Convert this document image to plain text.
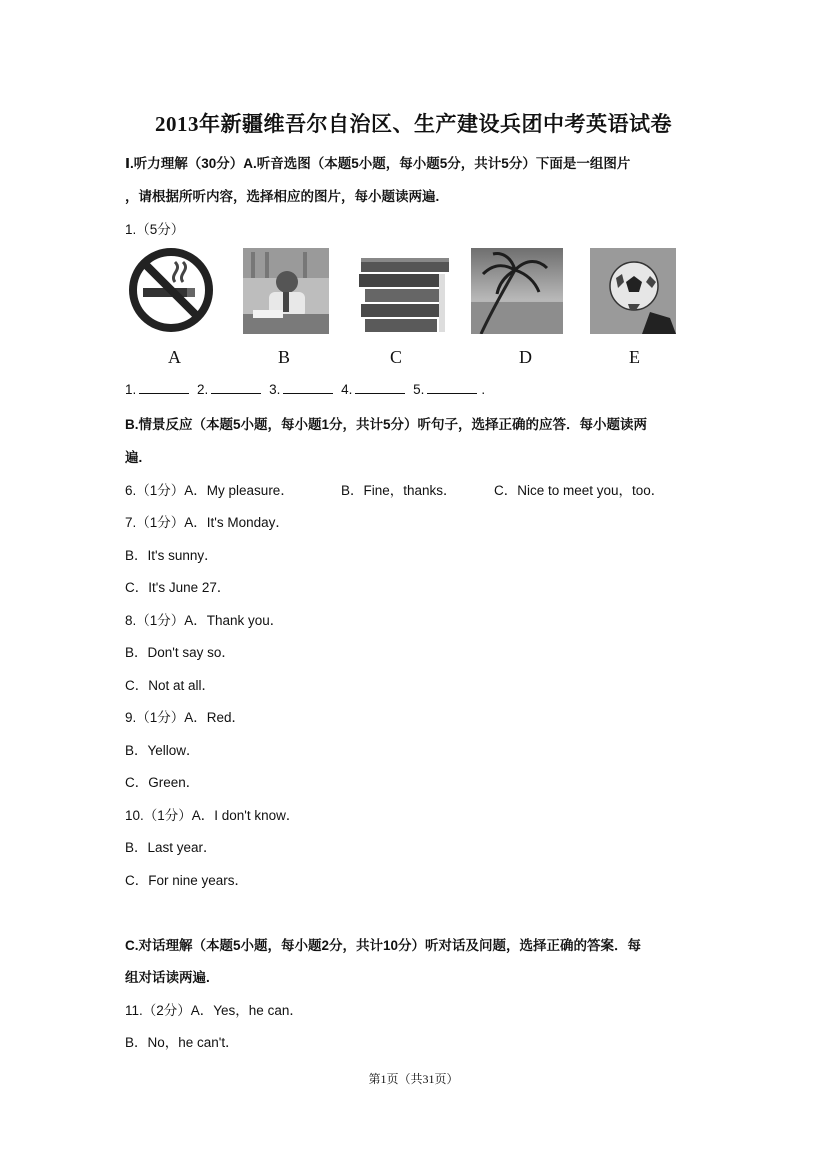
2013年新疆维吾尔自治区、生产建设兵团中考英语试卷
Ⅰ.听力理解（30分）A.听音选图（本题5小题，每小题5分，共计5分）下面是一组图片
，请根据所听内容，选择相应的图片，每小题读两遍.
1.（5分）
A	B	C	D	E
1.	2.	3.	4.	5.	.
B.情景反应（本题5小题，每小题1分，共计5分）听句子，选择正确的应答．每小题读两
遍.
6.（1分）A．My pleasure．	B．Fine，thanks．	C．Nice to meet you，too．
7.（1分）A．It's Monday．
B．It's sunny．
C．It's June 27．
8.（1分）A．Thank you．
B．Don't say so．
C．Not at all．
9.（1分）A．Red．
B．Yellow．
C．Green．
10.（1分）A．I don't know．
B．Last year．
C．For nine years．
C.对话理解（本题5小题，每小题2分，共计10分）听对话及问题，选择正确的答案．每
组对话读两遍.
11.（2分）A．Yes，he can．
B．No，he can't．
第1页（共31页）
